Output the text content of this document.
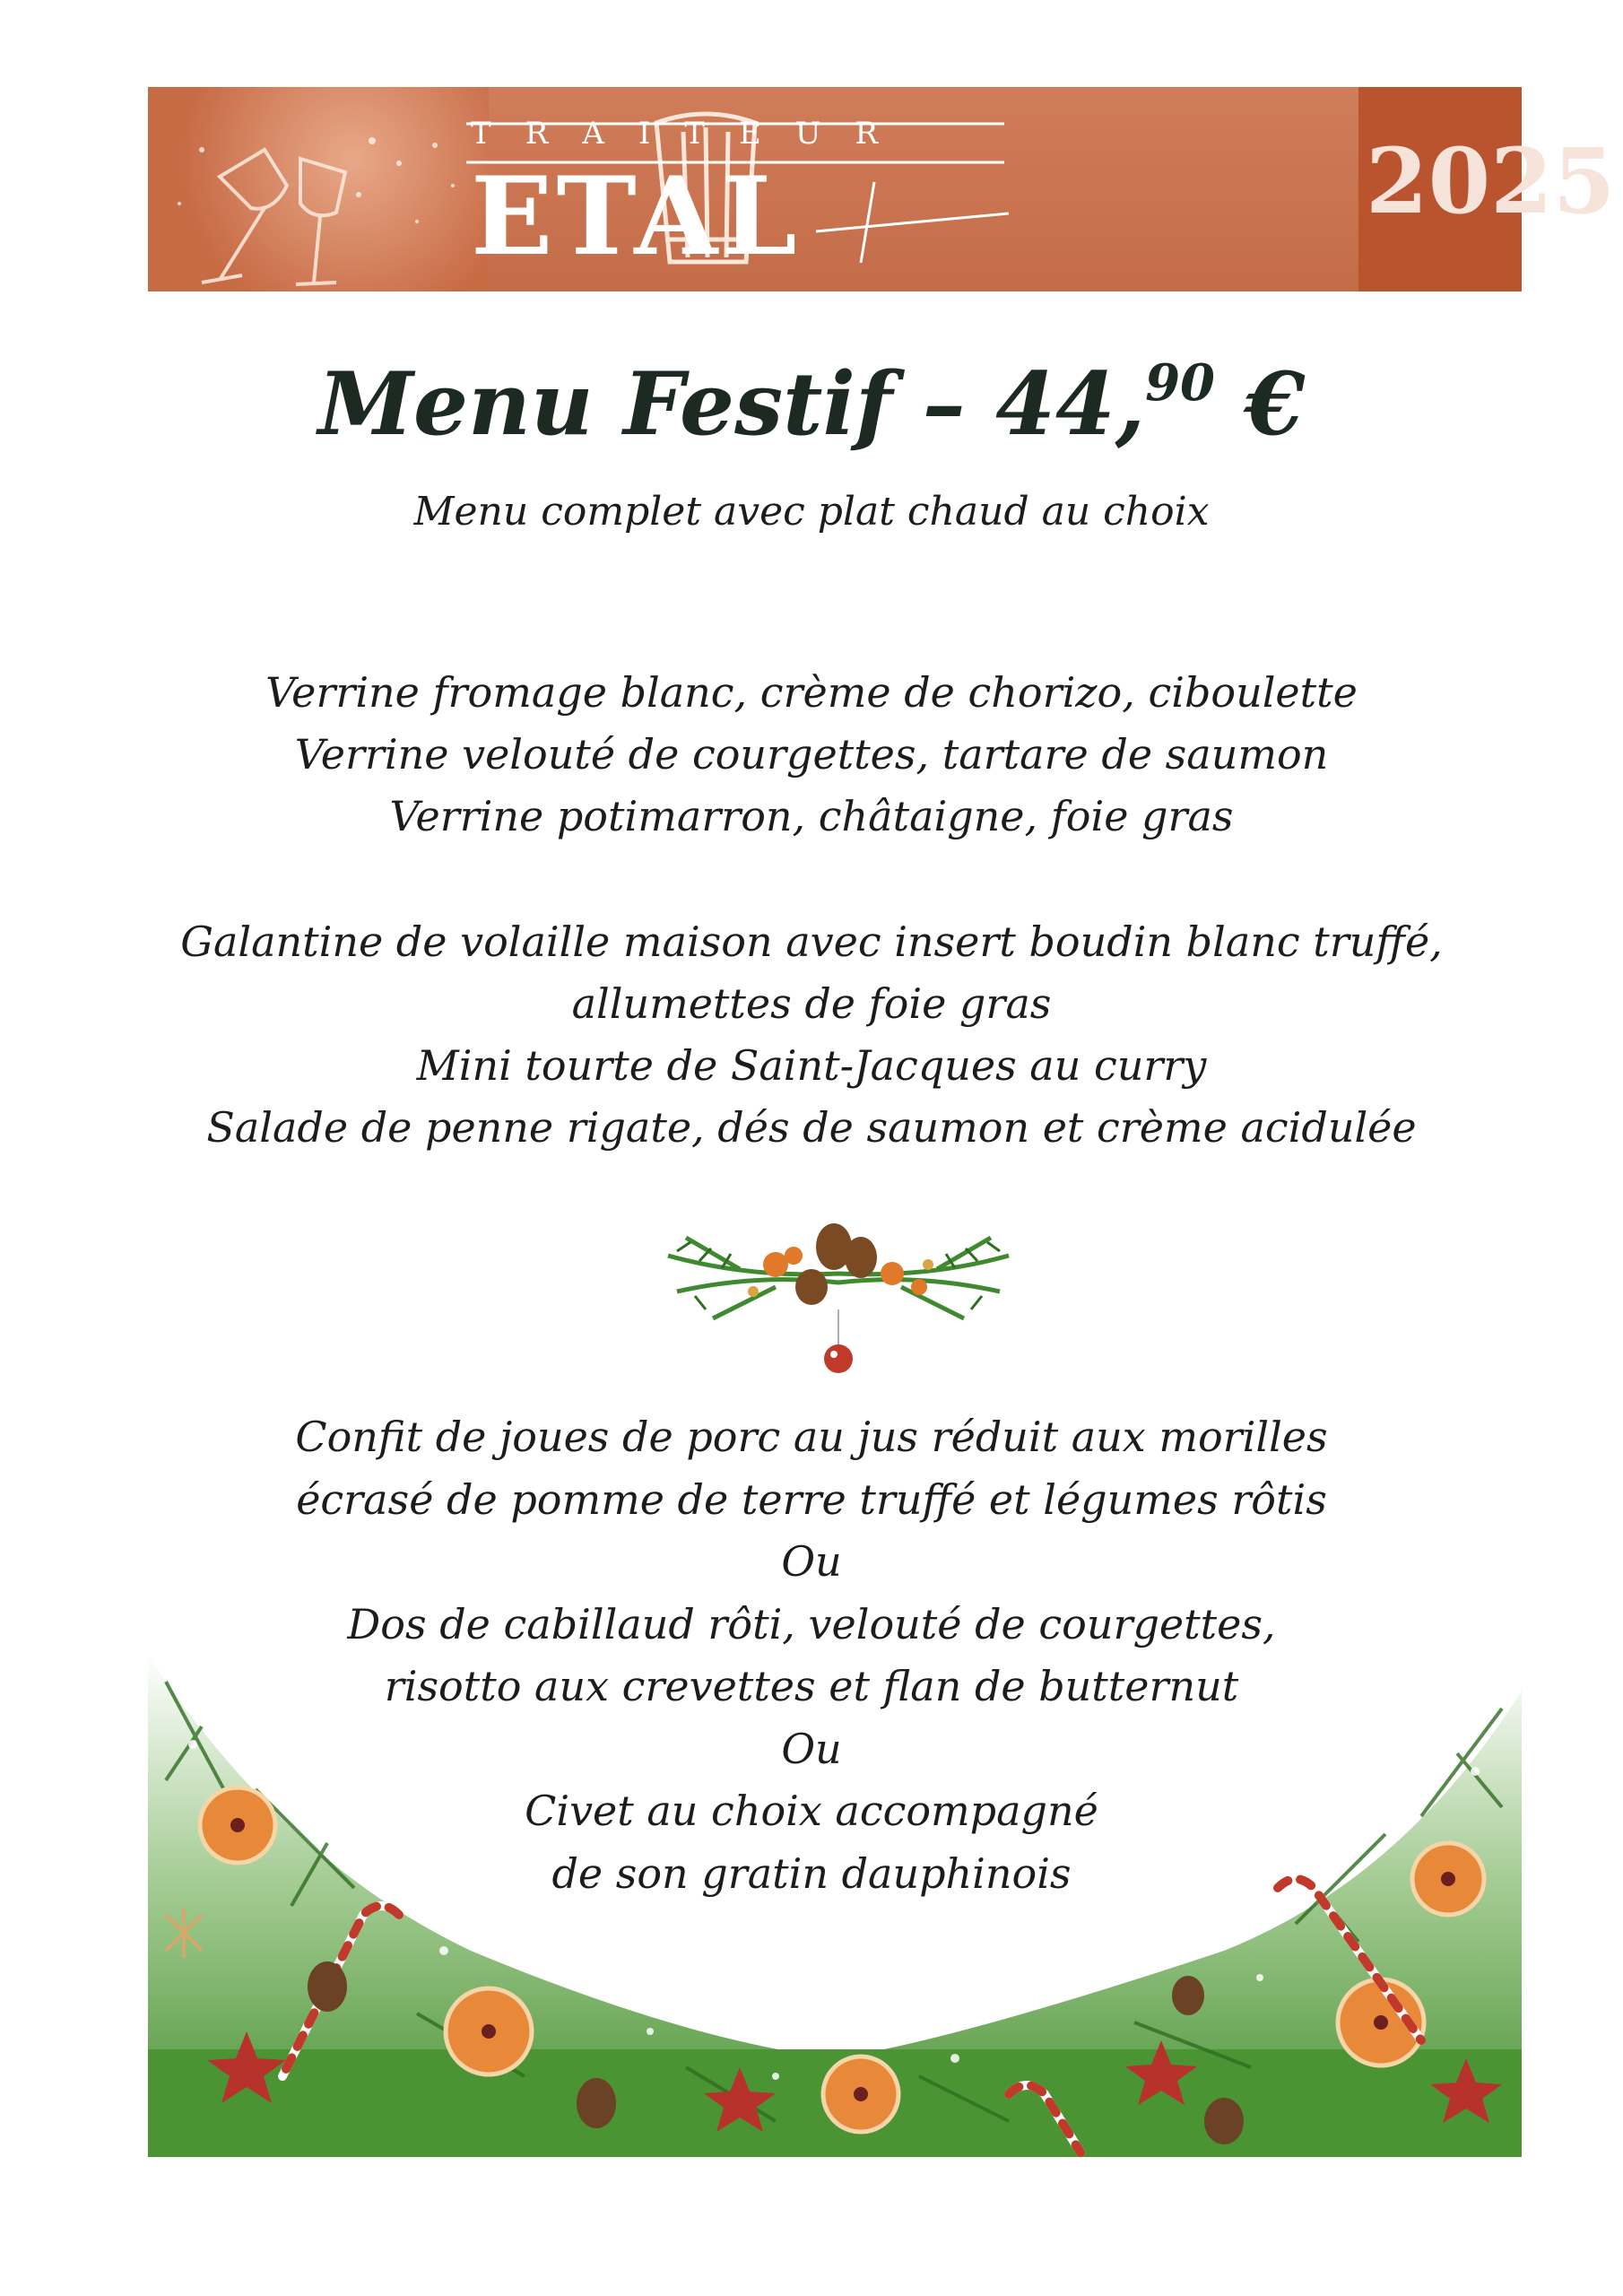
TRAITEUR
ETAL	2025
Menu Festif – 44,90 €
Menu complet avec plat chaud au choix
Verrine fromage blanc, crème de chorizo, ciboulette
Verrine velouté de courgettes, tartare de saumon
Verrine potimarron, châtaigne, foie gras
Galantine de volaille maison avec insert boudin blanc truffé,
allumettes de foie gras
Mini tourte de Saint-Jacques au curry
Salade de penne rigate, dés de saumon et crème acidulée
Confit de joues de porc au jus réduit aux morilles
écrasé de pomme de terre truffé et légumes rôtis
Ou
Dos de cabillaud rôti, velouté de courgettes,
risotto aux crevettes et flan de butternut
Ou
Civet au choix accompagné
de son gratin dauphinois
